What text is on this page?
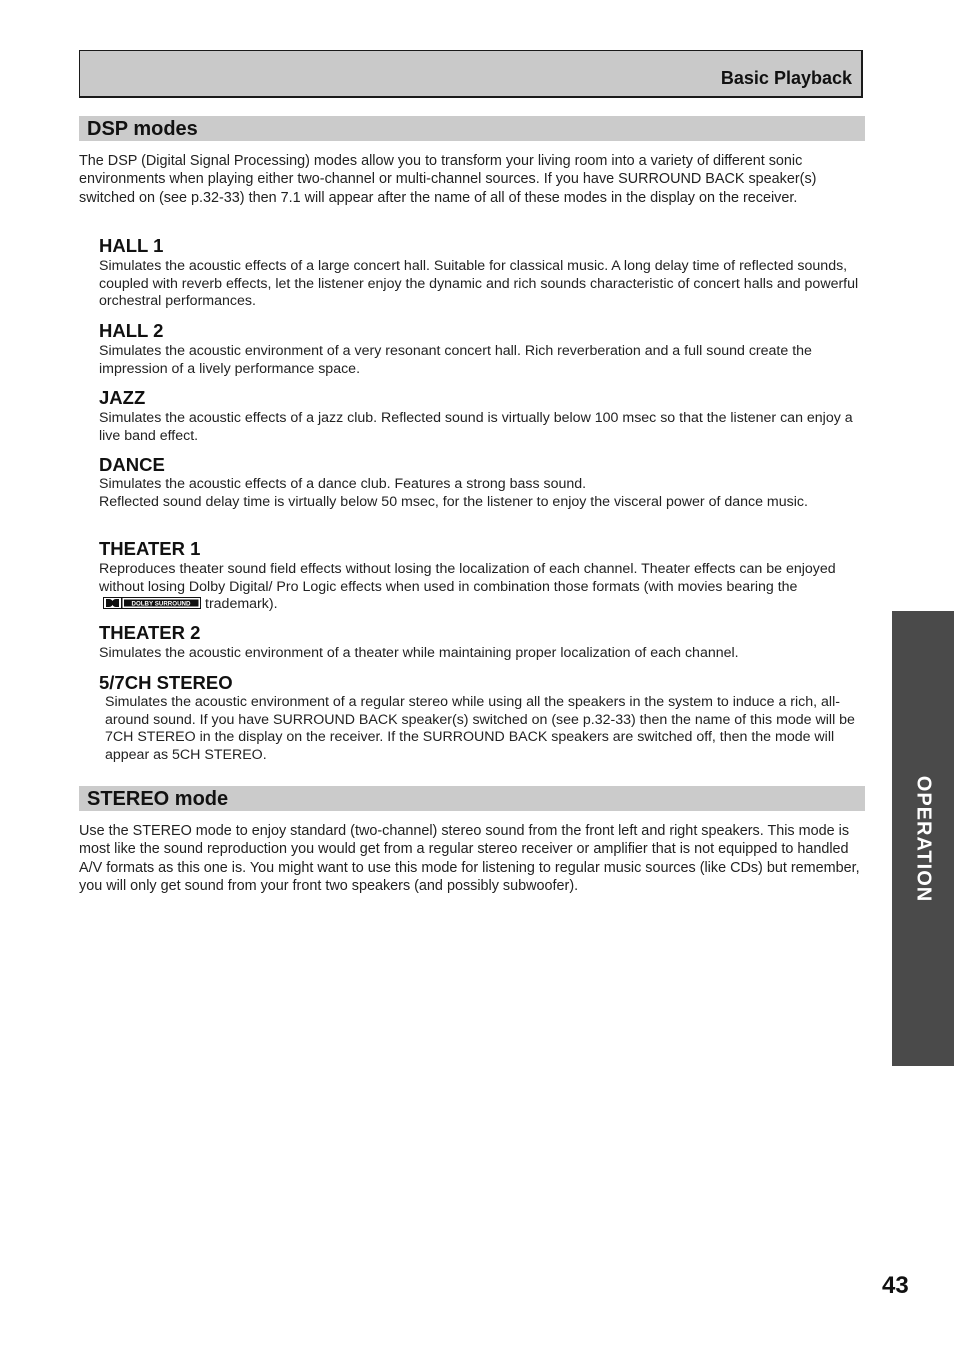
Basic Playback
DSP modes
The DSP (Digital Signal Processing) modes allow you to transform your living room into a variety of different sonic environments when playing either two-channel or multi-channel sources. If you have SURROUND BACK speaker(s) switched on (see p.32-33) then 7.1 will appear after the name of all of these modes in the display on the receiver.
HALL 1
Simulates the acoustic effects of a large concert hall. Suitable for classical music. A long delay time of reflected sounds, coupled with reverb effects, let the listener enjoy the dynamic and rich sounds characteristic of concert halls and powerful orchestral performances.
HALL 2
Simulates the acoustic environment of a very resonant concert hall. Rich reverberation and a full sound create the impression of a lively performance space.
JAZZ
Simulates the acoustic effects of a jazz club. Reflected sound is virtually below 100 msec so that the listener can enjoy a live band effect.
DANCE
Simulates the acoustic effects of a dance club. Features a strong bass sound.
Reflected sound delay time is virtually below 50 msec, for the listener to enjoy the visceral power of dance music.
THEATER 1
Reproduces theater sound field effects without losing the localization of each channel. Theater effects can be enjoyed without losing Dolby Digital/ Pro Logic effects when used in combination those formats (with movies bearing the
DOLBY SURROUND trademark).
THEATER 2
Simulates the acoustic environment of a theater while maintaining proper localization of each channel.
5/7CH STEREO
Simulates the acoustic environment of a regular stereo while using all the speakers in the system to induce a rich, all-around sound. If you have SURROUND BACK speaker(s) switched on (see p.32-33) then the name of this mode will be 7CH STEREO in the display on the receiver. If the SURROUND BACK speakers are switched off, then the mode will appear as 5CH STEREO.
STEREO mode
Use the STEREO mode to enjoy standard (two-channel) stereo sound from the front left and right speakers. This mode is most like the sound reproduction you would get from a regular stereo receiver or amplifier that is not equipped to handled A/V formats as this one is. You might want to use this mode for listening to regular music sources (like CDs) but remember, you will only get sound from your front two speakers (and possibly subwoofer).	OPERATION
43
